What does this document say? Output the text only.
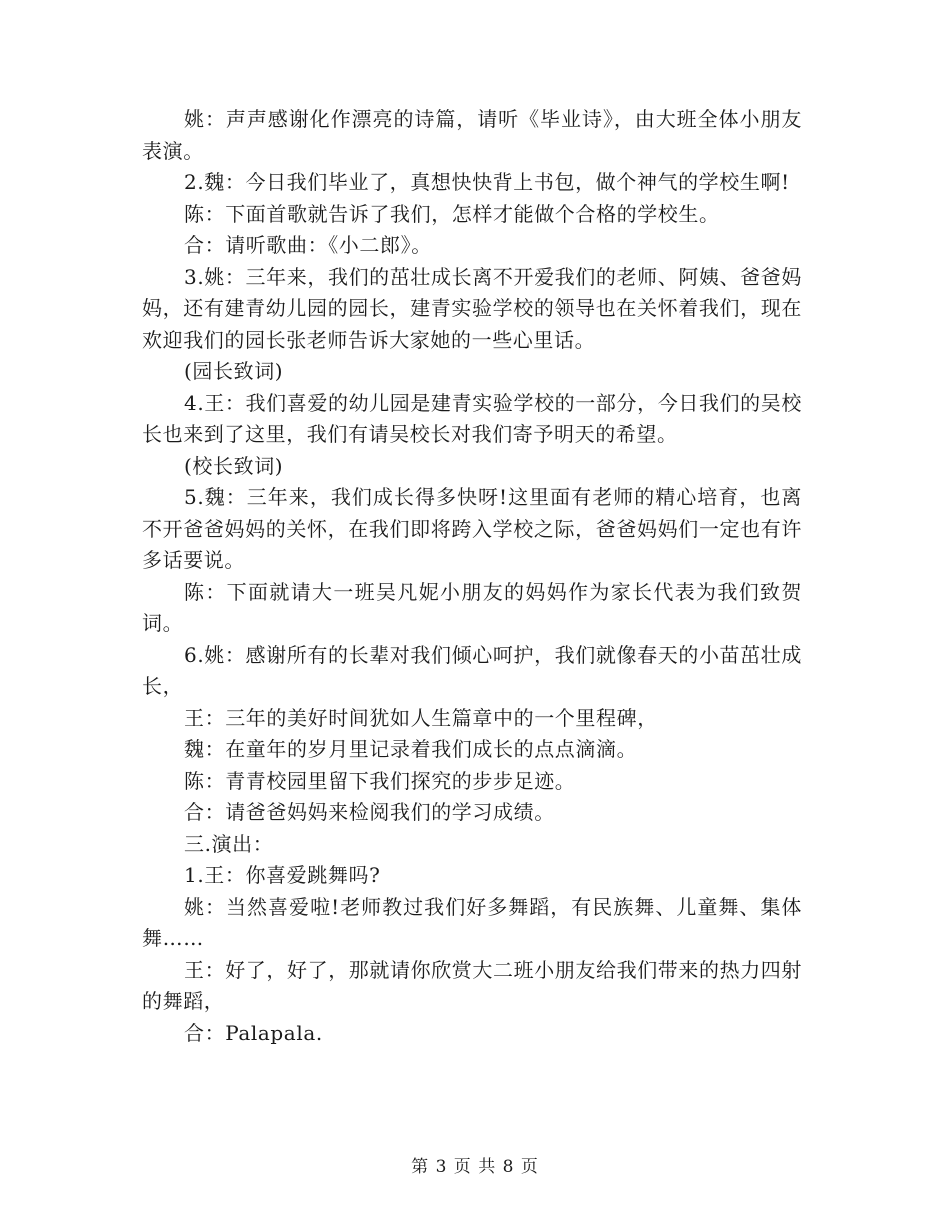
姚：声声感谢化作漂亮的诗篇，请听《毕业诗》，由大班全体小朋友表演。

2.魏：今日我们毕业了，真想快快背上书包，做个神气的学校生啊!

陈：下面首歌就告诉了我们，怎样才能做个合格的学校生。

合：请听歌曲：《小二郎》。

3.姚：三年来，我们的茁壮成长离不开爱我们的老师、阿姨、爸爸妈妈，还有建青幼儿园的园长，建青实验学校的领导也在关怀着我们，现在欢迎我们的园长张老师告诉大家她的一些心里话。

(园长致词)

4.王：我们喜爱的幼儿园是建青实验学校的一部分，今日我们的吴校长也来到了这里，我们有请吴校长对我们寄予明天的希望。

(校长致词)

5.魏：三年来，我们成长得多快呀!这里面有老师的精心培育，也离不开爸爸妈妈的关怀，在我们即将跨入学校之际，爸爸妈妈们一定也有许多话要说。

陈：下面就请大一班吴凡妮小朋友的妈妈作为家长代表为我们致贺词。

6.姚：感谢所有的长辈对我们倾心呵护，我们就像春天的小苗茁壮成长，

王：三年的美好时间犹如人生篇章中的一个里程碑，

魏：在童年的岁月里记录着我们成长的点点滴滴。

陈：青青校园里留下我们探究的步步足迹。

合：请爸爸妈妈来检阅我们的学习成绩。

三.演出：

1.王：你喜爱跳舞吗?

姚：当然喜爱啦!老师教过我们好多舞蹈，有民族舞、儿童舞、集体舞……

王：好了，好了，那就请你欣赏大二班小朋友给我们带来的热力四射的舞蹈，

合：Palapala.

第 3 页 共 8 页
